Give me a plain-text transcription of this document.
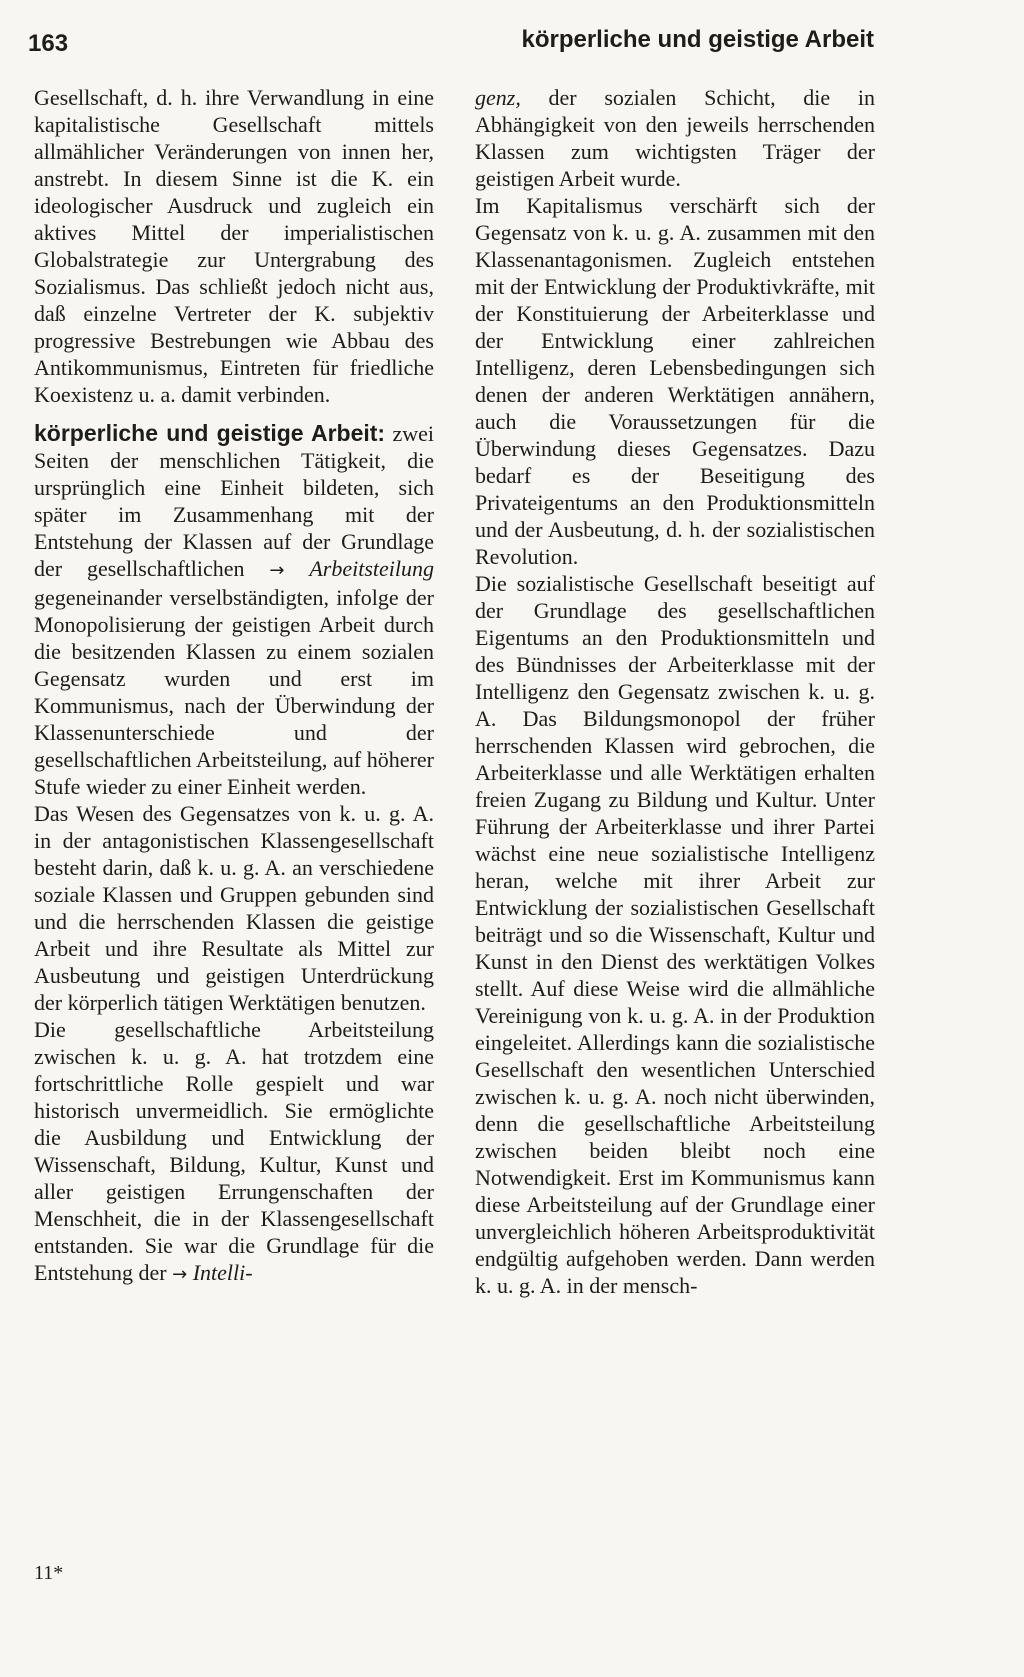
163	körperliche und geistige Arbeit

Gesellschaft, d. h. ihre Verwandlung in eine kapitalistische Gesellschaft mittels allmählicher Veränderungen von innen her, anstrebt. In diesem Sinne ist die K. ein ideologischer Ausdruck und zugleich ein aktives Mittel der imperialistischen Globalstrategie zur Untergrabung des Sozialismus. Das schließt jedoch nicht aus, daß einzelne Vertreter der K. subjektiv progressive Bestrebungen wie Abbau des Antikommunismus, Eintreten für friedliche Koexistenz u. a. damit verbinden.

körperliche und geistige Arbeit: zwei Seiten der menschlichen Tätigkeit, die ursprünglich eine Einheit bildeten, sich später im Zusammenhang mit der Entstehung der Klassen auf der Grundlage der gesellschaftlichen → Arbeitsteilung gegeneinander verselbständigten, infolge der Monopolisierung der geistigen Arbeit durch die besitzenden Klassen zu einem sozialen Gegensatz wurden und erst im Kommunismus, nach der Überwindung der Klassenunterschiede und der gesellschaftlichen Arbeitsteilung, auf höherer Stufe wieder zu einer Einheit werden.

Das Wesen des Gegensatzes von k. u. g. A. in der antagonistischen Klassengesellschaft besteht darin, daß k. u. g. A. an verschiedene soziale Klassen und Gruppen gebunden sind und die herrschenden Klassen die geistige Arbeit und ihre Resultate als Mittel zur Ausbeutung und geistigen Unterdrückung der körperlich tätigen Werktätigen benutzen.

Die gesellschaftliche Arbeitsteilung zwischen k. u. g. A. hat trotzdem eine fortschrittliche Rolle gespielt und war historisch unvermeidlich. Sie ermöglichte die Ausbildung und Entwicklung der Wissenschaft, Bildung, Kultur, Kunst und aller geistigen Errungenschaften der Menschheit, die in der Klassengesellschaft entstanden. Sie war die Grundlage für die Entstehung der → Intelli-

genz, der sozialen Schicht, die in Abhängigkeit von den jeweils herrschenden Klassen zum wichtigsten Träger der geistigen Arbeit wurde.

Im Kapitalismus verschärft sich der Gegensatz von k. u. g. A. zusammen mit den Klassenantagonismen. Zugleich entstehen mit der Entwicklung der Produktivkräfte, mit der Konstituierung der Arbeiterklasse und der Entwicklung einer zahlreichen Intelligenz, deren Lebensbedingungen sich denen der anderen Werktätigen annähern, auch die Voraussetzungen für die Überwindung dieses Gegensatzes. Dazu bedarf es der Beseitigung des Privateigentums an den Produktionsmitteln und der Ausbeutung, d. h. der sozialistischen Revolution.

Die sozialistische Gesellschaft beseitigt auf der Grundlage des gesellschaftlichen Eigentums an den Produktionsmitteln und des Bündnisses der Arbeiterklasse mit der Intelligenz den Gegensatz zwischen k. u. g. A. Das Bildungsmonopol der früher herrschenden Klassen wird gebrochen, die Arbeiterklasse und alle Werktätigen erhalten freien Zugang zu Bildung und Kultur. Unter Führung der Arbeiterklasse und ihrer Partei wächst eine neue sozialistische Intelligenz heran, welche mit ihrer Arbeit zur Entwicklung der sozialistischen Gesellschaft beiträgt und so die Wissenschaft, Kultur und Kunst in den Dienst des werktätigen Volkes stellt. Auf diese Weise wird die allmähliche Vereinigung von k. u. g. A. in der Produktion eingeleitet. Allerdings kann die sozialistische Gesellschaft den wesentlichen Unterschied zwischen k. u. g. A. noch nicht überwinden, denn die gesellschaftliche Arbeitsteilung zwischen beiden bleibt noch eine Notwendigkeit. Erst im Kommunismus kann diese Arbeitsteilung auf der Grundlage einer unvergleichlich höheren Arbeitsproduktivität endgültig aufgehoben werden. Dann werden k. u. g. A. in der mensch-

11*
